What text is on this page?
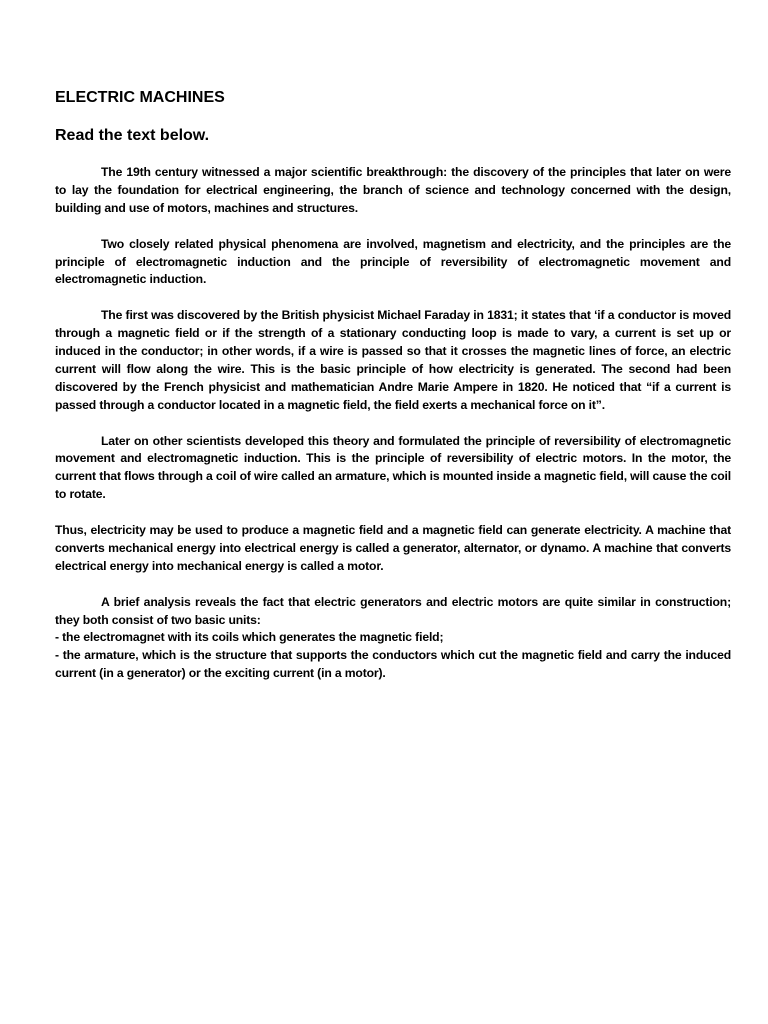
ELECTRIC MACHINES
Read the text below.

The 19th century witnessed a major scientific breakthrough: the discovery of the principles that later on were to lay the foundation for electrical engineering, the branch of science and technology concerned with the design, building and use of motors, machines and structures.

Two closely related physical phenomena are involved, magnetism and electricity, and the principles are the principle of electromagnetic induction and the principle of reversibility of electromagnetic movement and electromagnetic induction.

The first was discovered by the British physicist Michael Faraday in 1831; it states that ‘if a conductor is moved through a magnetic field or if the strength of a stationary conducting loop is made to vary, a current is set up or induced in the conductor; in other words, if a wire is passed so that it crosses the magnetic lines of force, an electric current will flow along the wire. This is the basic principle of how electricity is generated. The second had been discovered by the French physicist and mathematician Andre Marie Ampere in 1820. He noticed that “if a current is passed through a conductor located in a magnetic field, the field exerts a mechanical force on it”.

Later on other scientists developed this theory and formulated the principle of reversibility of electromagnetic movement and electromagnetic induction. This is the principle of reversibility of electric motors. In the motor, the current that flows through a coil of wire called an armature, which is mounted inside a magnetic field, will cause the coil to rotate.

Thus, electricity may be used to produce a magnetic field and a magnetic field can generate electricity. A machine that converts mechanical energy into electrical energy is called a generator, alternator, or dynamo. A machine that converts electrical energy into mechanical energy is called a motor.

A brief analysis reveals the fact that electric generators and electric motors are quite similar in construction; they both consist of two basic units:
- the electromagnet with its coils which generates the magnetic field;
- the armature, which is the structure that supports the conductors which cut the magnetic field and carry the induced current (in a generator) or the exciting current (in a motor).
